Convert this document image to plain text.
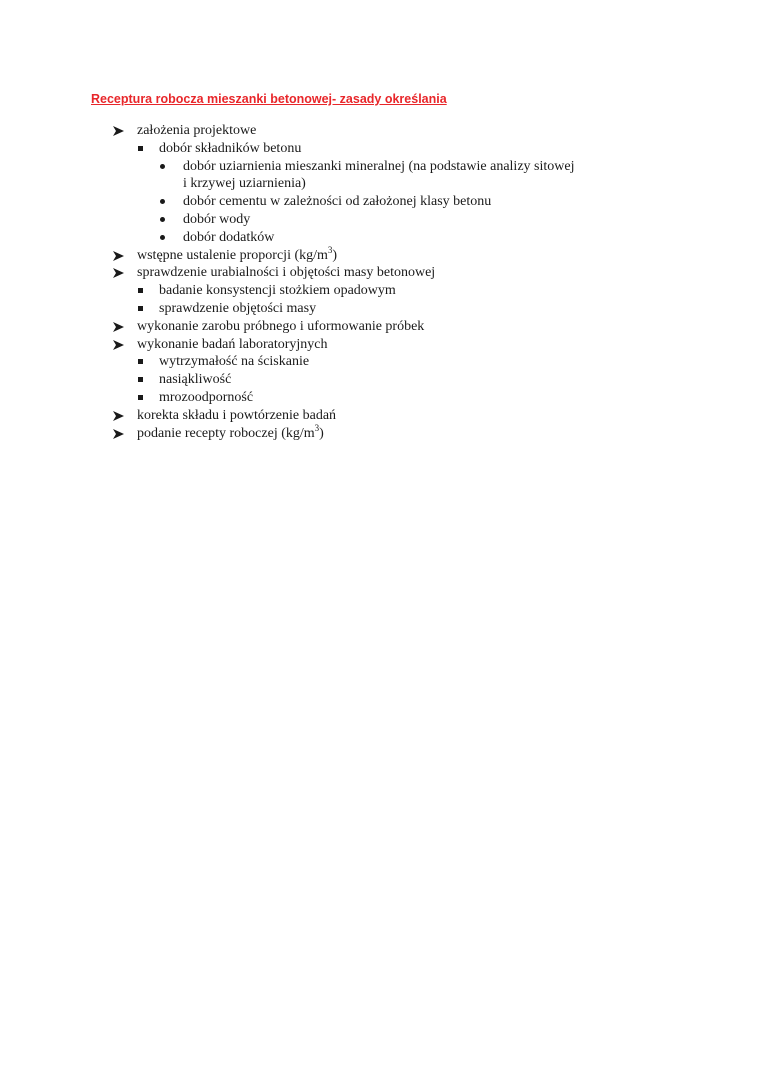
Receptura robocza mieszanki betonowej- zasady określania
założenia projektowe
dobór składników betonu
dobór uziarnienia mieszanki mineralnej (na podstawie analizy sitowej
i krzywej uziarnienia)
dobór cementu w zależności od założonej klasy betonu
dobór wody
dobór dodatków
wstępne ustalenie proporcji $(kg/m^3)$
sprawdzenie urabialności i objętości masy betonowej
badanie konsystencji stożkiem opadowym
sprawdzenie objętości masy
wykonanie zarobu próbnego i uformowanie próbek
wykonanie badań laboratoryjnych
wytrzymałość na ściskanie
nasiąkliwość
mrozoodporność
korekta składu i powtórzenie badań
podanie recepty roboczej $(kg/m^3)$
